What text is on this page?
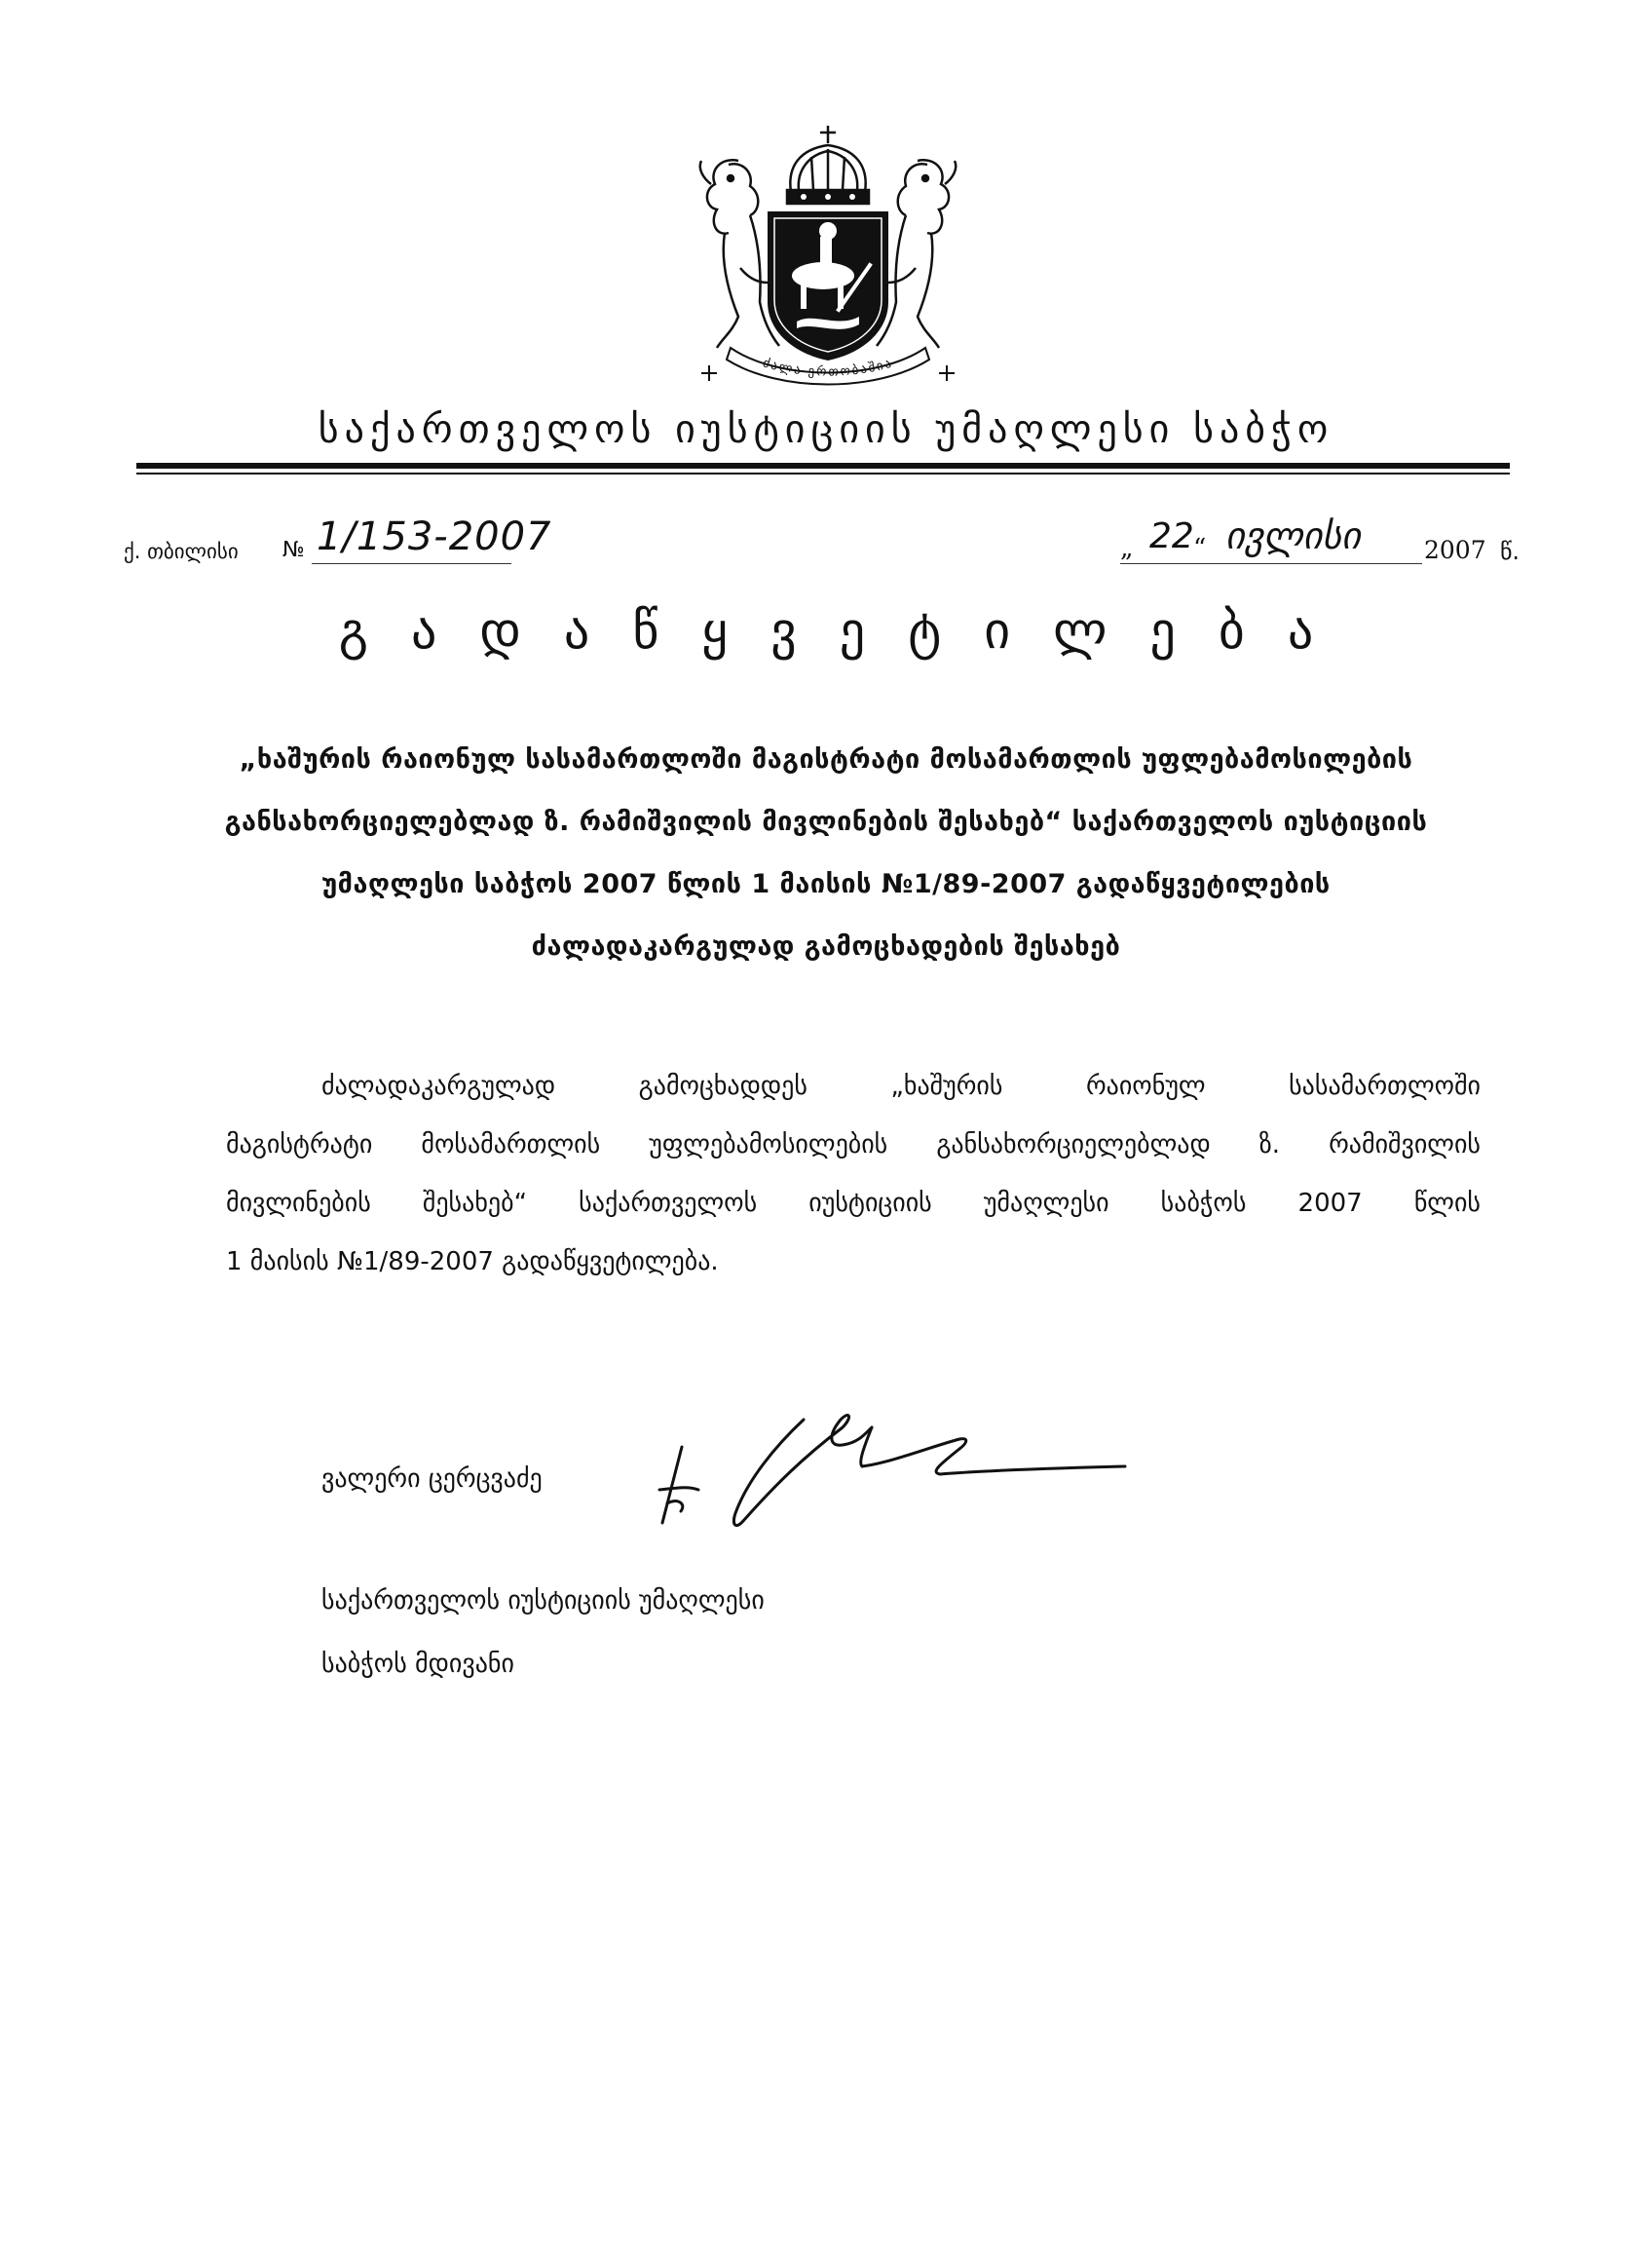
ძალა ერთობაშია
საქართველოს იუსტიციის უმაღლესი საბჭო
ქ. თბილისი № 1/153-2007	„ 22 “ ივლისი	2007 წ.
გადაწყვეტილება
„ხაშურის რაიონულ სასამართლოში მაგისტრატი მოსამართლის უფლებამოსილების
განსახორციელებლად ზ. რამიშვილის მივლინების შესახებ“ საქართველოს იუსტიციის
უმაღლესი საბჭოს 2007 წლის 1 მაისის №1/89-2007 გადაწყვეტილების
ძალადაკარგულად გამოცხადების შესახებ
ძალადაკარგულად გამოცხადდეს „ხაშურის რაიონულ სასამართლოში
მაგისტრატი მოსამართლის უფლებამოსილების განსახორციელებლად ზ. რამიშვილის
მივლინების შესახებ“ საქართველოს იუსტიციის უმაღლესი საბჭოს 2007 წლის
1 მაისის №1/89-2007 გადაწყვეტილება.
ვალერი ცერცვაძე
საქართველოს იუსტიციის უმაღლესი
საბჭოს მდივანი
